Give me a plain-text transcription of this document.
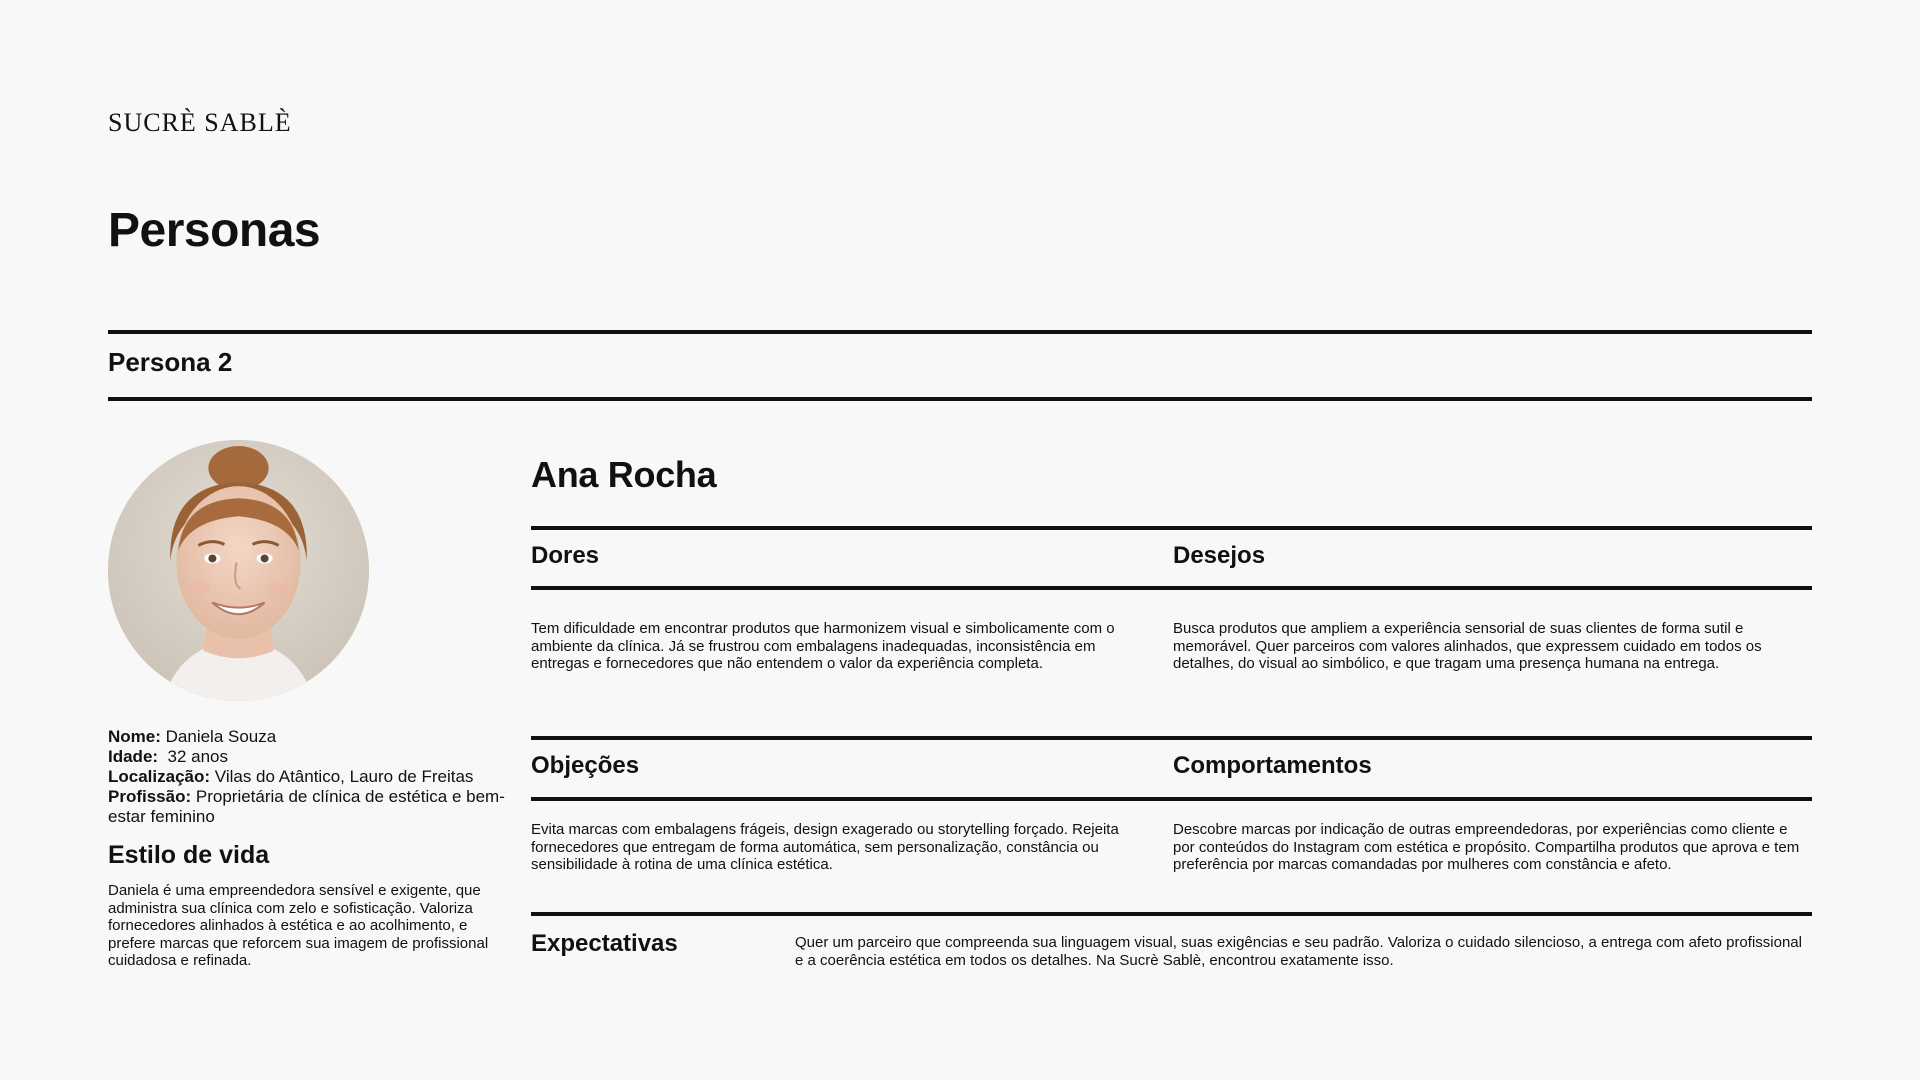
SUCRÈ SABLÈ
Personas
Persona 2

Nome: Daniela Souza

Idade: 32 anos

Localização: Vilas do Atântico, Lauro de Freitas

Profissão: Proprietária de clínica de estética e bem-estar feminino

Estilo de vida
Daniela é uma empreendedora sensível e exigente, que administra sua clínica com zelo e sofisticação. Valoriza fornecedores alinhados à estética e ao acolhimento, e prefere marcas que reforcem sua imagem de profissional cuidadosa e refinada.
Ana Rocha
Dores	Desejos
Tem dificuldade em encontrar produtos que harmonizem visual e simbolicamente com o ambiente da clínica. Já se frustrou com embalagens inadequadas, inconsistência em entregas e fornecedores que não entendem o valor da experiência completa.
Busca produtos que ampliem a experiência sensorial de suas clientes de forma sutil e memorável. Quer parceiros com valores alinhados, que expressem cuidado em todos os detalhes, do visual ao simbólico, e que tragam uma presença humana na entrega.
Objeções	Comportamentos
Evita marcas com embalagens frágeis, design exagerado ou storytelling forçado. Rejeita fornecedores que entregam de forma automática, sem personalização, constância ou sensibilidade à rotina de uma clínica estética.
Descobre marcas por indicação de outras empreendedoras, por experiências como cliente e por conteúdos do Instagram com estética e propósito. Compartilha produtos que aprova e tem preferência por marcas comandadas por mulheres com constância e afeto.
Expectativas	Quer um parceiro que compreenda sua linguagem visual, suas exigências e seu padrão. Valoriza o cuidado silencioso, a entrega com afeto profissional e a coerência estética em todos os detalhes. Na Sucrè Sablè, encontrou exatamente isso.
